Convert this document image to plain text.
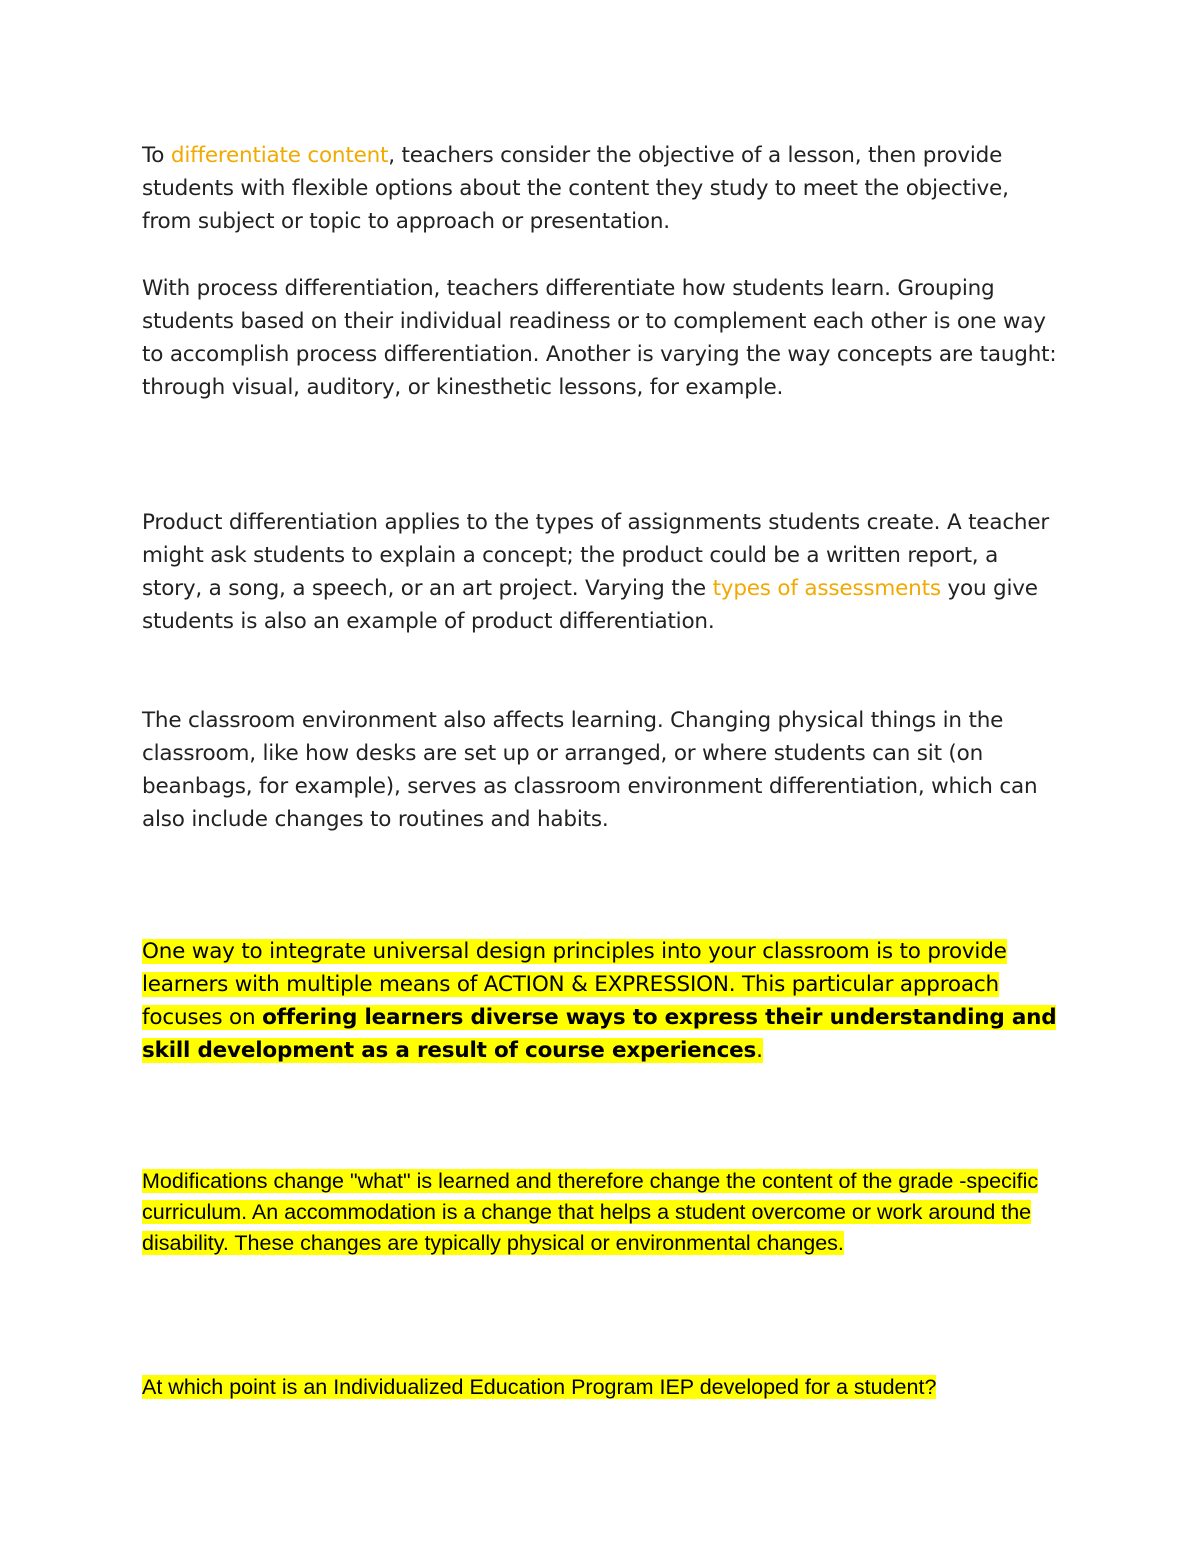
To differentiate content, teachers consider the objective of a lesson, then provide students with flexible options about the content they study to meet the objective, from subject or topic to approach or presentation.

With process differentiation, teachers differentiate how students learn. Grouping students based on their individual readiness or to complement each other is one way to accomplish process differentiation. Another is varying the way concepts are taught: through visual, auditory, or kinesthetic lessons, for example.

Product differentiation applies to the types of assignments students create. A teacher might ask students to explain a concept; the product could be a written report, a story, a song, a speech, or an art project. Varying the types of assessments you give students is also an example of product differentiation.

The classroom environment also affects learning. Changing physical things in the classroom, like how desks are set up or arranged, or where students can sit (on beanbags, for example), serves as classroom environment differentiation, which can also include changes to routines and habits.

One way to integrate universal design principles into your classroom is to provide learners with multiple means of ACTION & EXPRESSION. This particular approach focuses on offering learners diverse ways to express their understanding and skill development as a result of course experiences.

Modifications change "what" is learned and therefore change the content of the grade -specific curriculum. An accommodation is a change that helps a student overcome or work around the disability. These changes are typically physical or environmental changes.

At which point is an Individualized Education Program IEP developed for a student?
